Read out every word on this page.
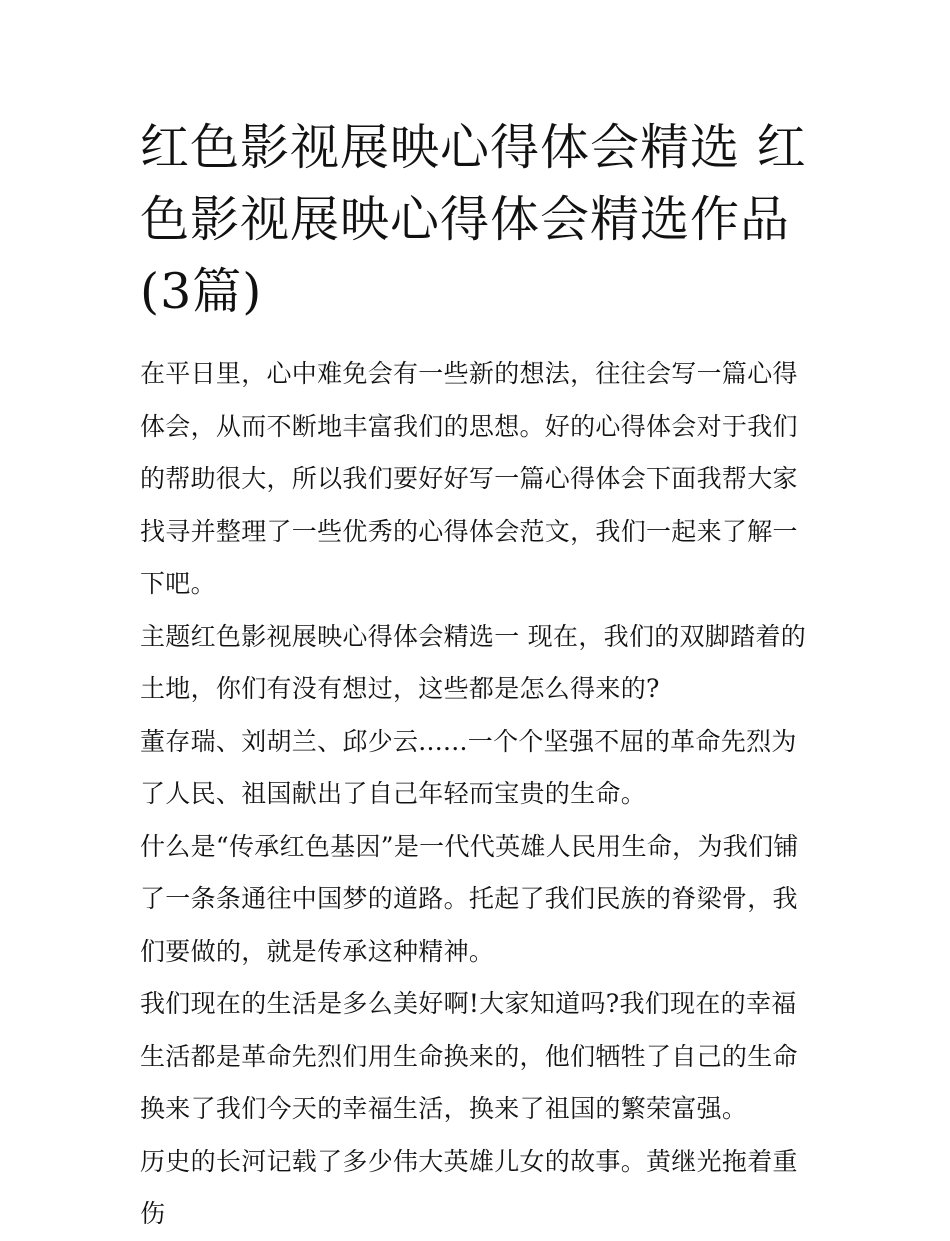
红色影视展映心得体会精选 红色影视展映心得体会精选作品(3篇)

在平日里，心中难免会有一些新的想法，往往会写一篇心得体会，从而不断地丰富我们的思想。好的心得体会对于我们的帮助很大，所以我们要好好写一篇心得体会下面我帮大家找寻并整理了一些优秀的心得体会范文，我们一起来了解一下吧。

主题红色影视展映心得体会精选一 现在，我们的双脚踏着的土地，你们有没有想过，这些都是怎么得来的?

董存瑞、刘胡兰、邱少云......一个个坚强不屈的革命先烈为了人民、祖国献出了自己年轻而宝贵的生命。

什么是“传承红色基因”是一代代英雄人民用生命，为我们铺了一条条通往中国梦的道路。托起了我们民族的脊梁骨，我们要做的，就是传承这种精神。

我们现在的生活是多么美好啊!大家知道吗?我们现在的幸福生活都是革命先烈们用生命换来的，他们牺牲了自己的生命换来了我们今天的幸福生活，换来了祖国的繁荣富强。

历史的长河记载了多少伟大英雄儿女的故事。黄继光拖着重伤
